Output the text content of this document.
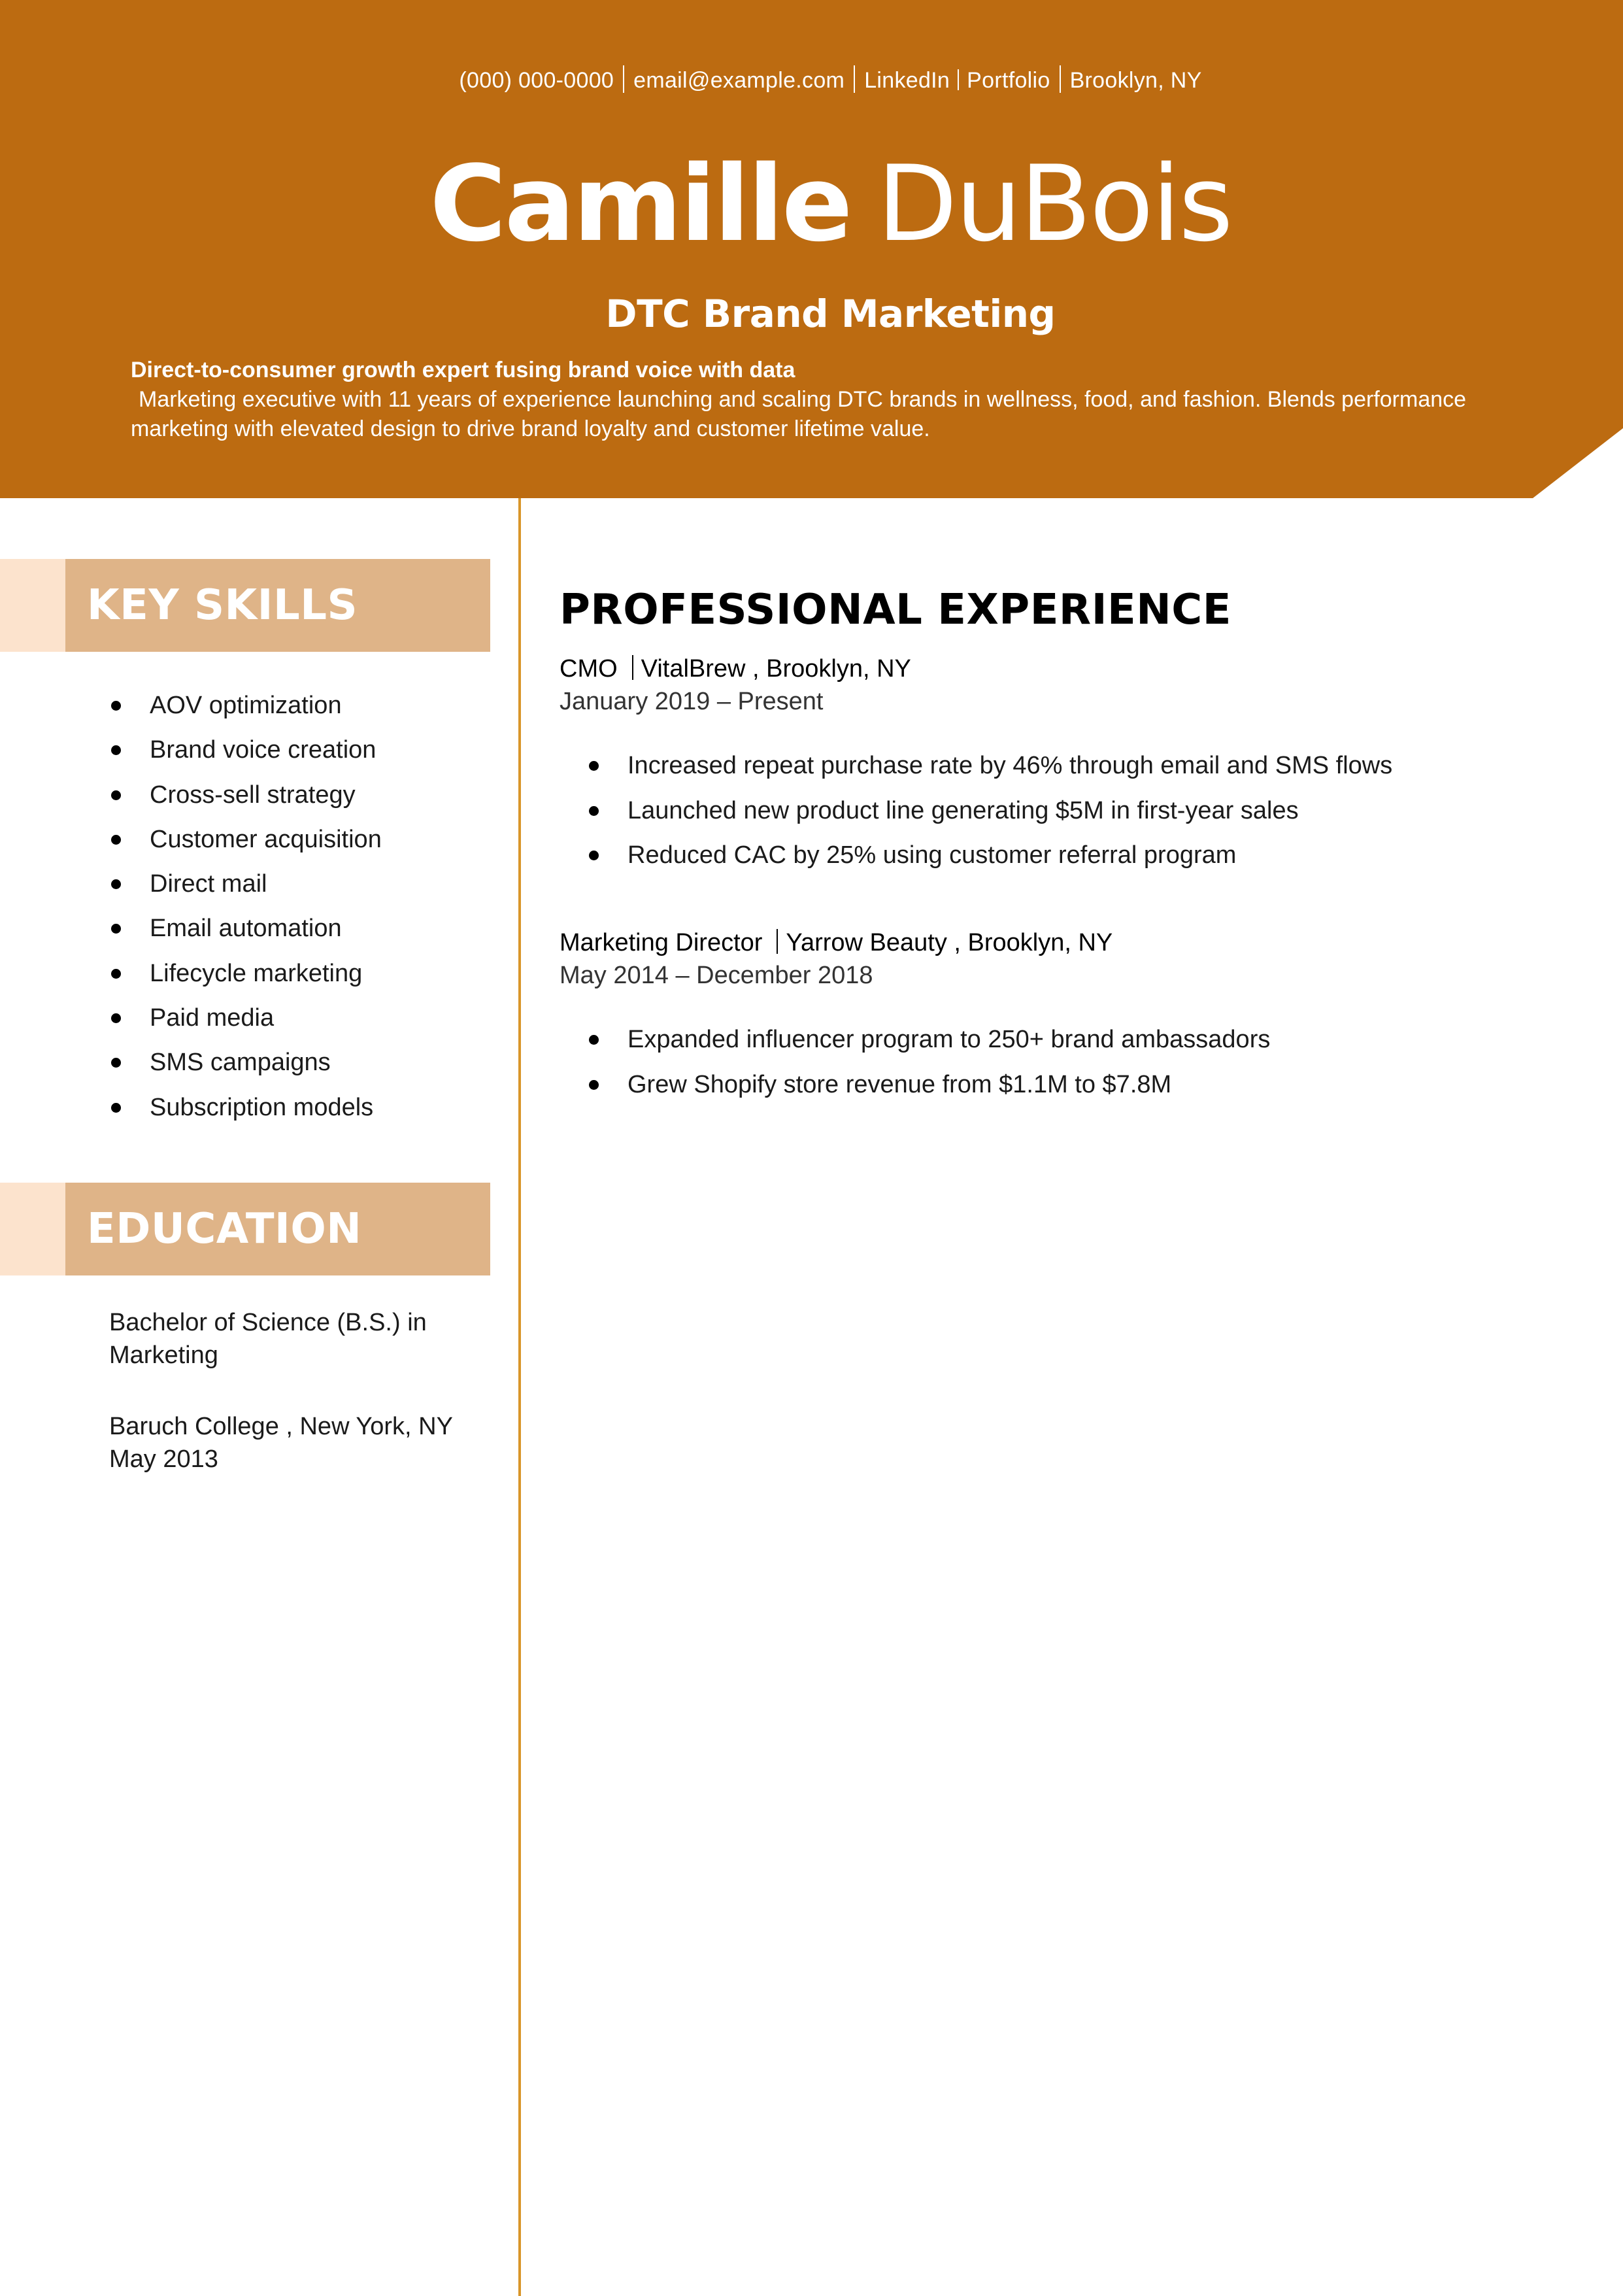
(000) 000-0000 email@example.com LinkedIn Portfolio Brooklyn, NY
Camille DuBois
DTC Brand Marketing
Direct-to-consumer growth expert fusing brand voice with data
Marketing executive with 11 years of experience launching and scaling DTC brands in wellness, food, and fashion. Blends performance marketing with elevated design to drive brand loyalty and customer lifetime value.
KEY SKILLS
AOV optimization
Brand voice creation
Cross-sell strategy
Customer acquisition
Direct mail
Email automation
Lifecycle marketing
Paid media
SMS campaigns
Subscription models
EDUCATION
Bachelor of Science (B.S.) in Marketing
Baruch College , New York, NY
May 2013
PROFESSIONAL EXPERIENCE
CMO VitalBrew , Brooklyn, NY
January 2019 – Present
Increased repeat purchase rate by 46% through email and SMS flows
Launched new product line generating $5M in first-year sales
Reduced CAC by 25% using customer referral program
Marketing Director Yarrow Beauty , Brooklyn, NY
May 2014 – December 2018
Expanded influencer program to 250+ brand ambassadors
Grew Shopify store revenue from $1.1M to $7.8M
